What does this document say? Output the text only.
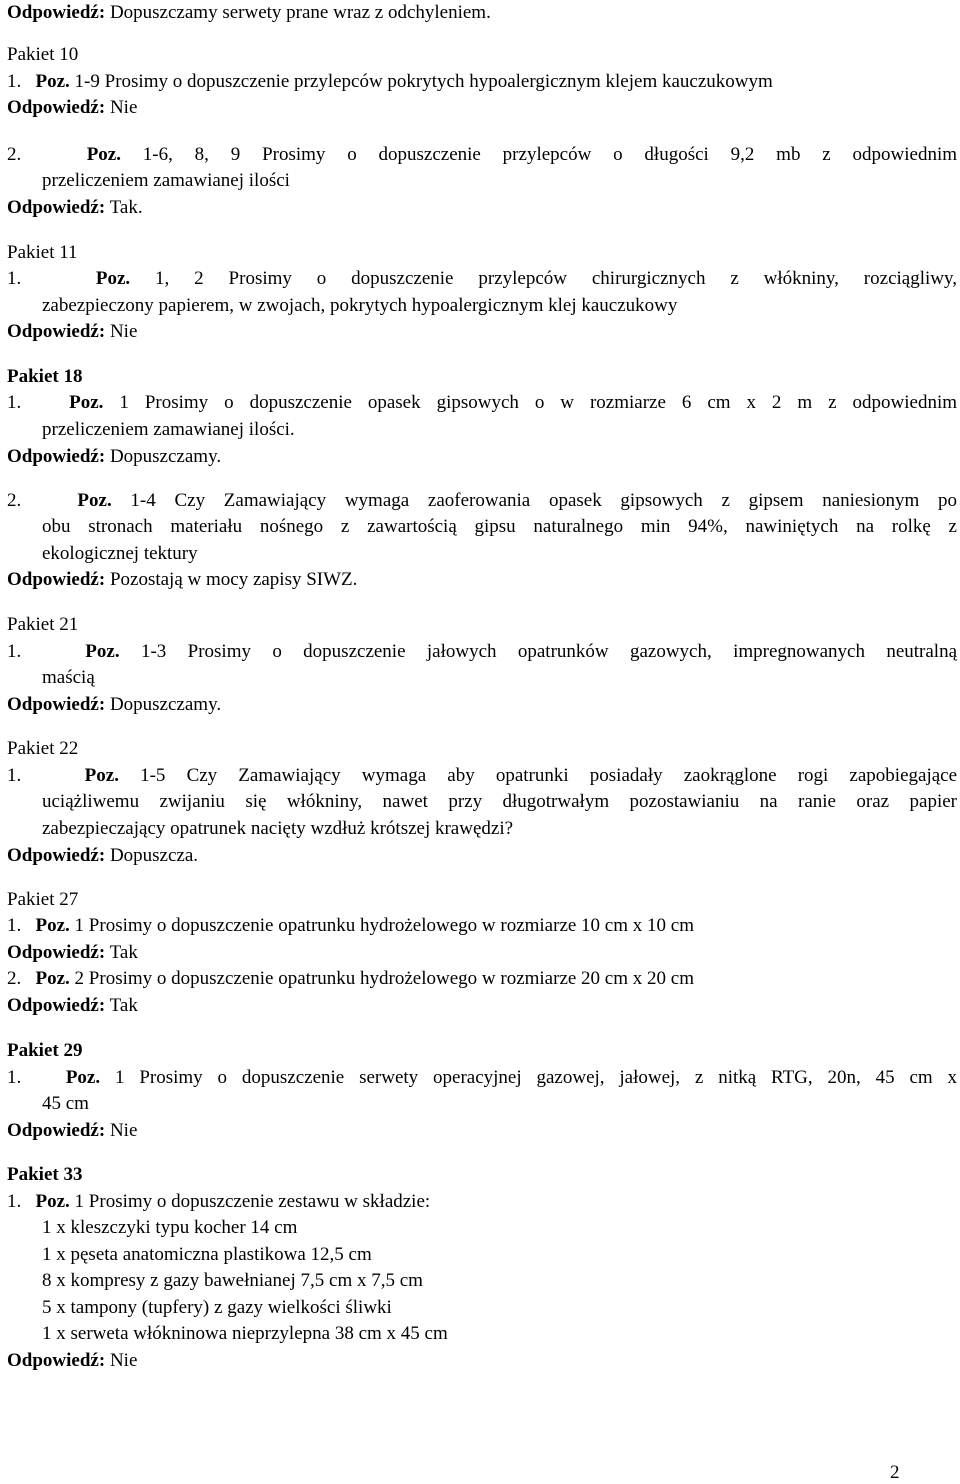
Odpowiedź: Dopuszczamy serwety prane wraz z odchyleniem.
Pakiet 10
1. Poz. 1-9 Prosimy o dopuszczenie przylepców pokrytych hypoalergicznym klejem kauczukowym
Odpowiedź: Nie
2.	Poz. 1-6, 8, 9 Prosimy o dopuszczenie przylepców o długości 9,2 mb z odpowiednim
przeliczeniem zamawianej ilości
Odpowiedź: Tak.
Pakiet 11
1.	Poz. 1, 2 Prosimy o dopuszczenie przylepców chirurgicznych z włókniny, rozciągliwy,
zabezpieczony papierem, w zwojach, pokrytych hypoalergicznym klej kauczukowy
Odpowiedź: Nie
Pakiet 18
1.	Poz. 1 Prosimy o dopuszczenie opasek gipsowych o w rozmiarze 6 cm x 2 m z odpowiednim
przeliczeniem zamawianej ilości.
Odpowiedź: Dopuszczamy.
2.	Poz. 1-4 Czy Zamawiający wymaga zaoferowania opasek gipsowych z gipsem naniesionym po
obu stronach materiału nośnego z zawartością gipsu naturalnego min 94%, nawiniętych na rolkę z
ekologicznej tektury
Odpowiedź: Pozostają w mocy zapisy SIWZ.
Pakiet 21
1.	Poz. 1-3 Prosimy o dopuszczenie jałowych opatrunków gazowych, impregnowanych neutralną
maścią
Odpowiedź: Dopuszczamy.
Pakiet 22
1.	Poz. 1-5 Czy Zamawiający wymaga aby opatrunki posiadały zaokrąglone rogi zapobiegające
uciążliwemu zwijaniu się włókniny, nawet przy długotrwałym pozostawianiu na ranie oraz papier
zabezpieczający opatrunek nacięty wzdłuż krótszej krawędzi?
Odpowiedź: Dopuszcza.
Pakiet 27
1. Poz. 1 Prosimy o dopuszczenie opatrunku hydrożelowego w rozmiarze 10 cm x 10 cm
Odpowiedź: Tak
2. Poz. 2 Prosimy o dopuszczenie opatrunku hydrożelowego w rozmiarze 20 cm x 20 cm
Odpowiedź: Tak
Pakiet 29
1. Poz. 1 Prosimy o dopuszczenie serwety operacyjnej gazowej, jałowej, z nitką RTG, 20n, 45 cm x
45 cm
Odpowiedź: Nie
Pakiet 33
1. Poz. 1 Prosimy o dopuszczenie zestawu w składzie:
1 x kleszczyki typu kocher 14 cm
1 x pęseta anatomiczna plastikowa 12,5 cm
8 x kompresy z gazy bawełnianej 7,5 cm x 7,5 cm
5 x tampony (tupfery) z gazy wielkości śliwki
1 x serweta włókninowa nieprzylepna 38 cm x 45 cm
Odpowiedź: Nie
2
